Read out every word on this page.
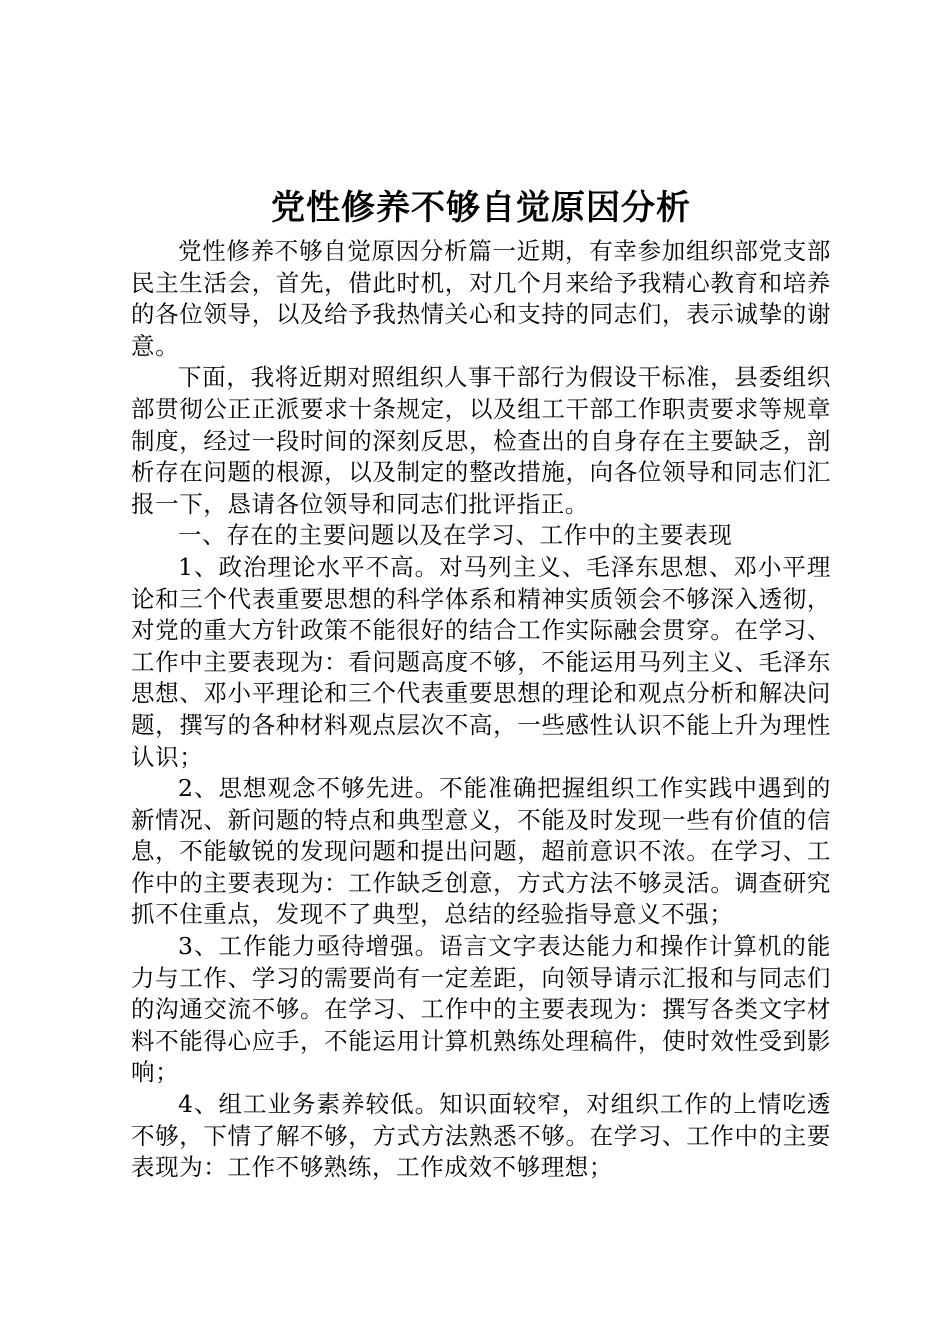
党性修养不够自觉原因分析

党性修养不够自觉原因分析篇一近期，有幸参加组织部党支部民主生活会，首先，借此时机，对几个月来给予我精心教育和培养的各位领导，以及给予我热情关心和支持的同志们，表示诚挚的谢意。

下面，我将近期对照组织人事干部行为假设干标准，县委组织部贯彻公正正派要求十条规定，以及组工干部工作职责要求等规章制度，经过一段时间的深刻反思，检查出的自身存在主要缺乏，剖析存在问题的根源，以及制定的整改措施，向各位领导和同志们汇报一下，恳请各位领导和同志们批评指正。

一、存在的主要问题以及在学习、工作中的主要表现

1、政治理论水平不高。对马列主义、毛泽东思想、邓小平理论和三个代表重要思想的科学体系和精神实质领会不够深入透彻，对党的重大方针政策不能很好的结合工作实际融会贯穿。在学习、工作中主要表现为：看问题高度不够，不能运用马列主义、毛泽东思想、邓小平理论和三个代表重要思想的理论和观点分析和解决问题，撰写的各种材料观点层次不高，一些感性认识不能上升为理性认识；

2、思想观念不够先进。不能准确把握组织工作实践中遇到的新情况、新问题的特点和典型意义，不能及时发现一些有价值的信息，不能敏锐的发现问题和提出问题，超前意识不浓。在学习、工作中的主要表现为：工作缺乏创意，方式方法不够灵活。调查研究抓不住重点，发现不了典型，总结的经验指导意义不强；

3、工作能力亟待增强。语言文字表达能力和操作计算机的能力与工作、学习的需要尚有一定差距，向领导请示汇报和与同志们的沟通交流不够。在学习、工作中的主要表现为：撰写各类文字材料不能得心应手，不能运用计算机熟练处理稿件，使时效性受到影响；

4、组工业务素养较低。知识面较窄，对组织工作的上情吃透不够，下情了解不够，方式方法熟悉不够。在学习、工作中的主要表现为：工作不够熟练，工作成效不够理想；
